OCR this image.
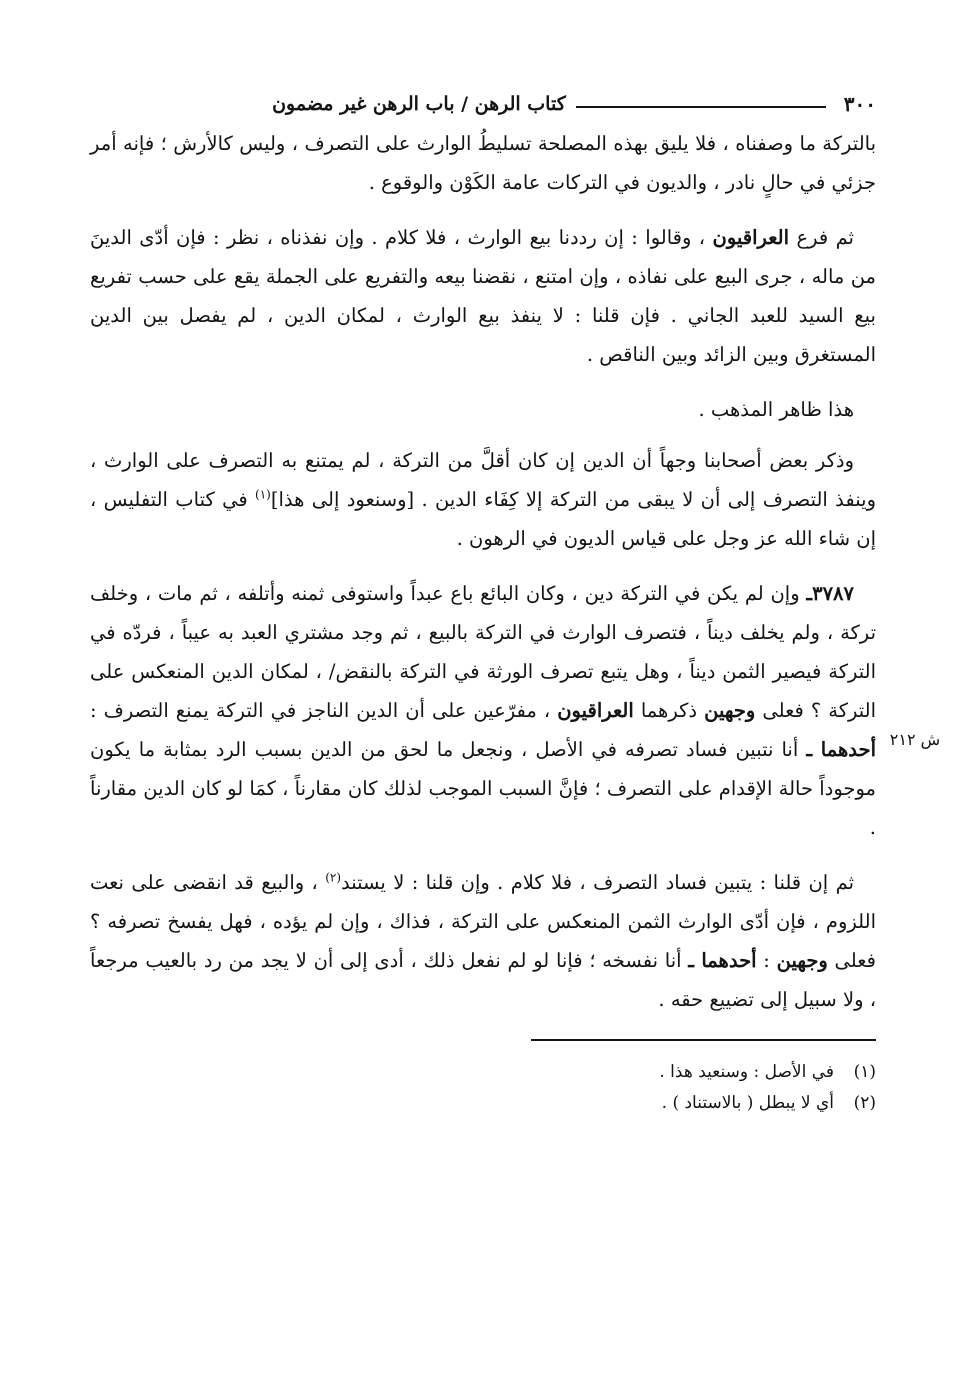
٣٠٠
كتاب الرهن / باب الرهن غير مضمون

بالتركة ما وصفناه ، فلا يليق بهذه المصلحة تسليطُ الوارث على التصرف ، وليس كالأرش ؛ فإنه أمر جزئي في حالٍ نادر ، والديون في التركات عامة الكَوْن والوقوع .

ثم فرع العراقيون ، وقالوا : إن رددنا بيع الوارث ، فلا كلام . وإن نفذناه ، نظر : فإن أدّى الدينَ من ماله ، جرى البيع على نفاذه ، وإن امتنع ، نقضنا بيعه والتفريع على الجملة يقع على حسب تفريع بيع السيد للعبد الجاني . فإن قلنا : لا ينفذ بيع الوارث ، لمكان الدين ، لم يفصل بين الدين المستغرق وبين الزائد وبين الناقص .

هذا ظاهر المذهب .

وذكر بعض أصحابنا وجهاً أن الدين إن كان أقلَّ من التركة ، لم يمتنع به التصرف على الوارث ، وينفذ التصرف إلى أن لا يبقى من التركة إلا كِفَاء الدين . [وسنعود إلى هذا]$^{(١)}$ في كتاب التفليس ، إن شاء الله عز وجل على قياس الديون في الرهون .

ش ٢١٢

٣٧٨٧ـ وإن لم يكن في التركة دين ، وكان البائع باع عبداً واستوفى ثمنه وأتلفه ، ثم مات ، وخلف تركة ، ولم يخلف ديناً ، فتصرف الوارث في التركة بالبيع ، ثم وجد مشتري العبد به عيباً ، فردّه في التركة فيصير الثمن ديناً ، وهل يتبع تصرف الورثة في التركة بالنقض/ ، لمكان الدين المنعكس على التركة ؟ فعلى وجهين ذكرهما العراقيون ، مفرّعين على أن الدين الناجز في التركة يمنع التصرف : أحدهما ـ أنا نتبين فساد تصرفه في الأصل ، ونجعل ما لحق من الدين بسبب الرد بمثابة ما يكون موجوداً حالة الإقدام على التصرف ؛ فإنَّ السبب الموجب لذلك كان مقارناً ، كمَا لو كان الدين مقارناً .

ثم إن قلنا : يتبين فساد التصرف ، فلا كلام . وإن قلنا : لا يستند$^{(٢)}$ ، والبيع قد انقضى على نعت اللزوم ، فإن أدّى الوارث الثمن المنعكس على التركة ، فذاك ، وإن لم يؤده ، فهل يفسخ تصرفه ؟ فعلى وجهين : أحدهما ـ أنا نفسخه ؛ فإنا لو لم نفعل ذلك ، أدى إلى أن لا يجد من رد بالعيب مرجعاً ، ولا سبيل إلى تضييع حقه .

(١)في الأصل : وسنعيد هذا .
(٢)أي لا يبطل ( بالاستناد ) .
